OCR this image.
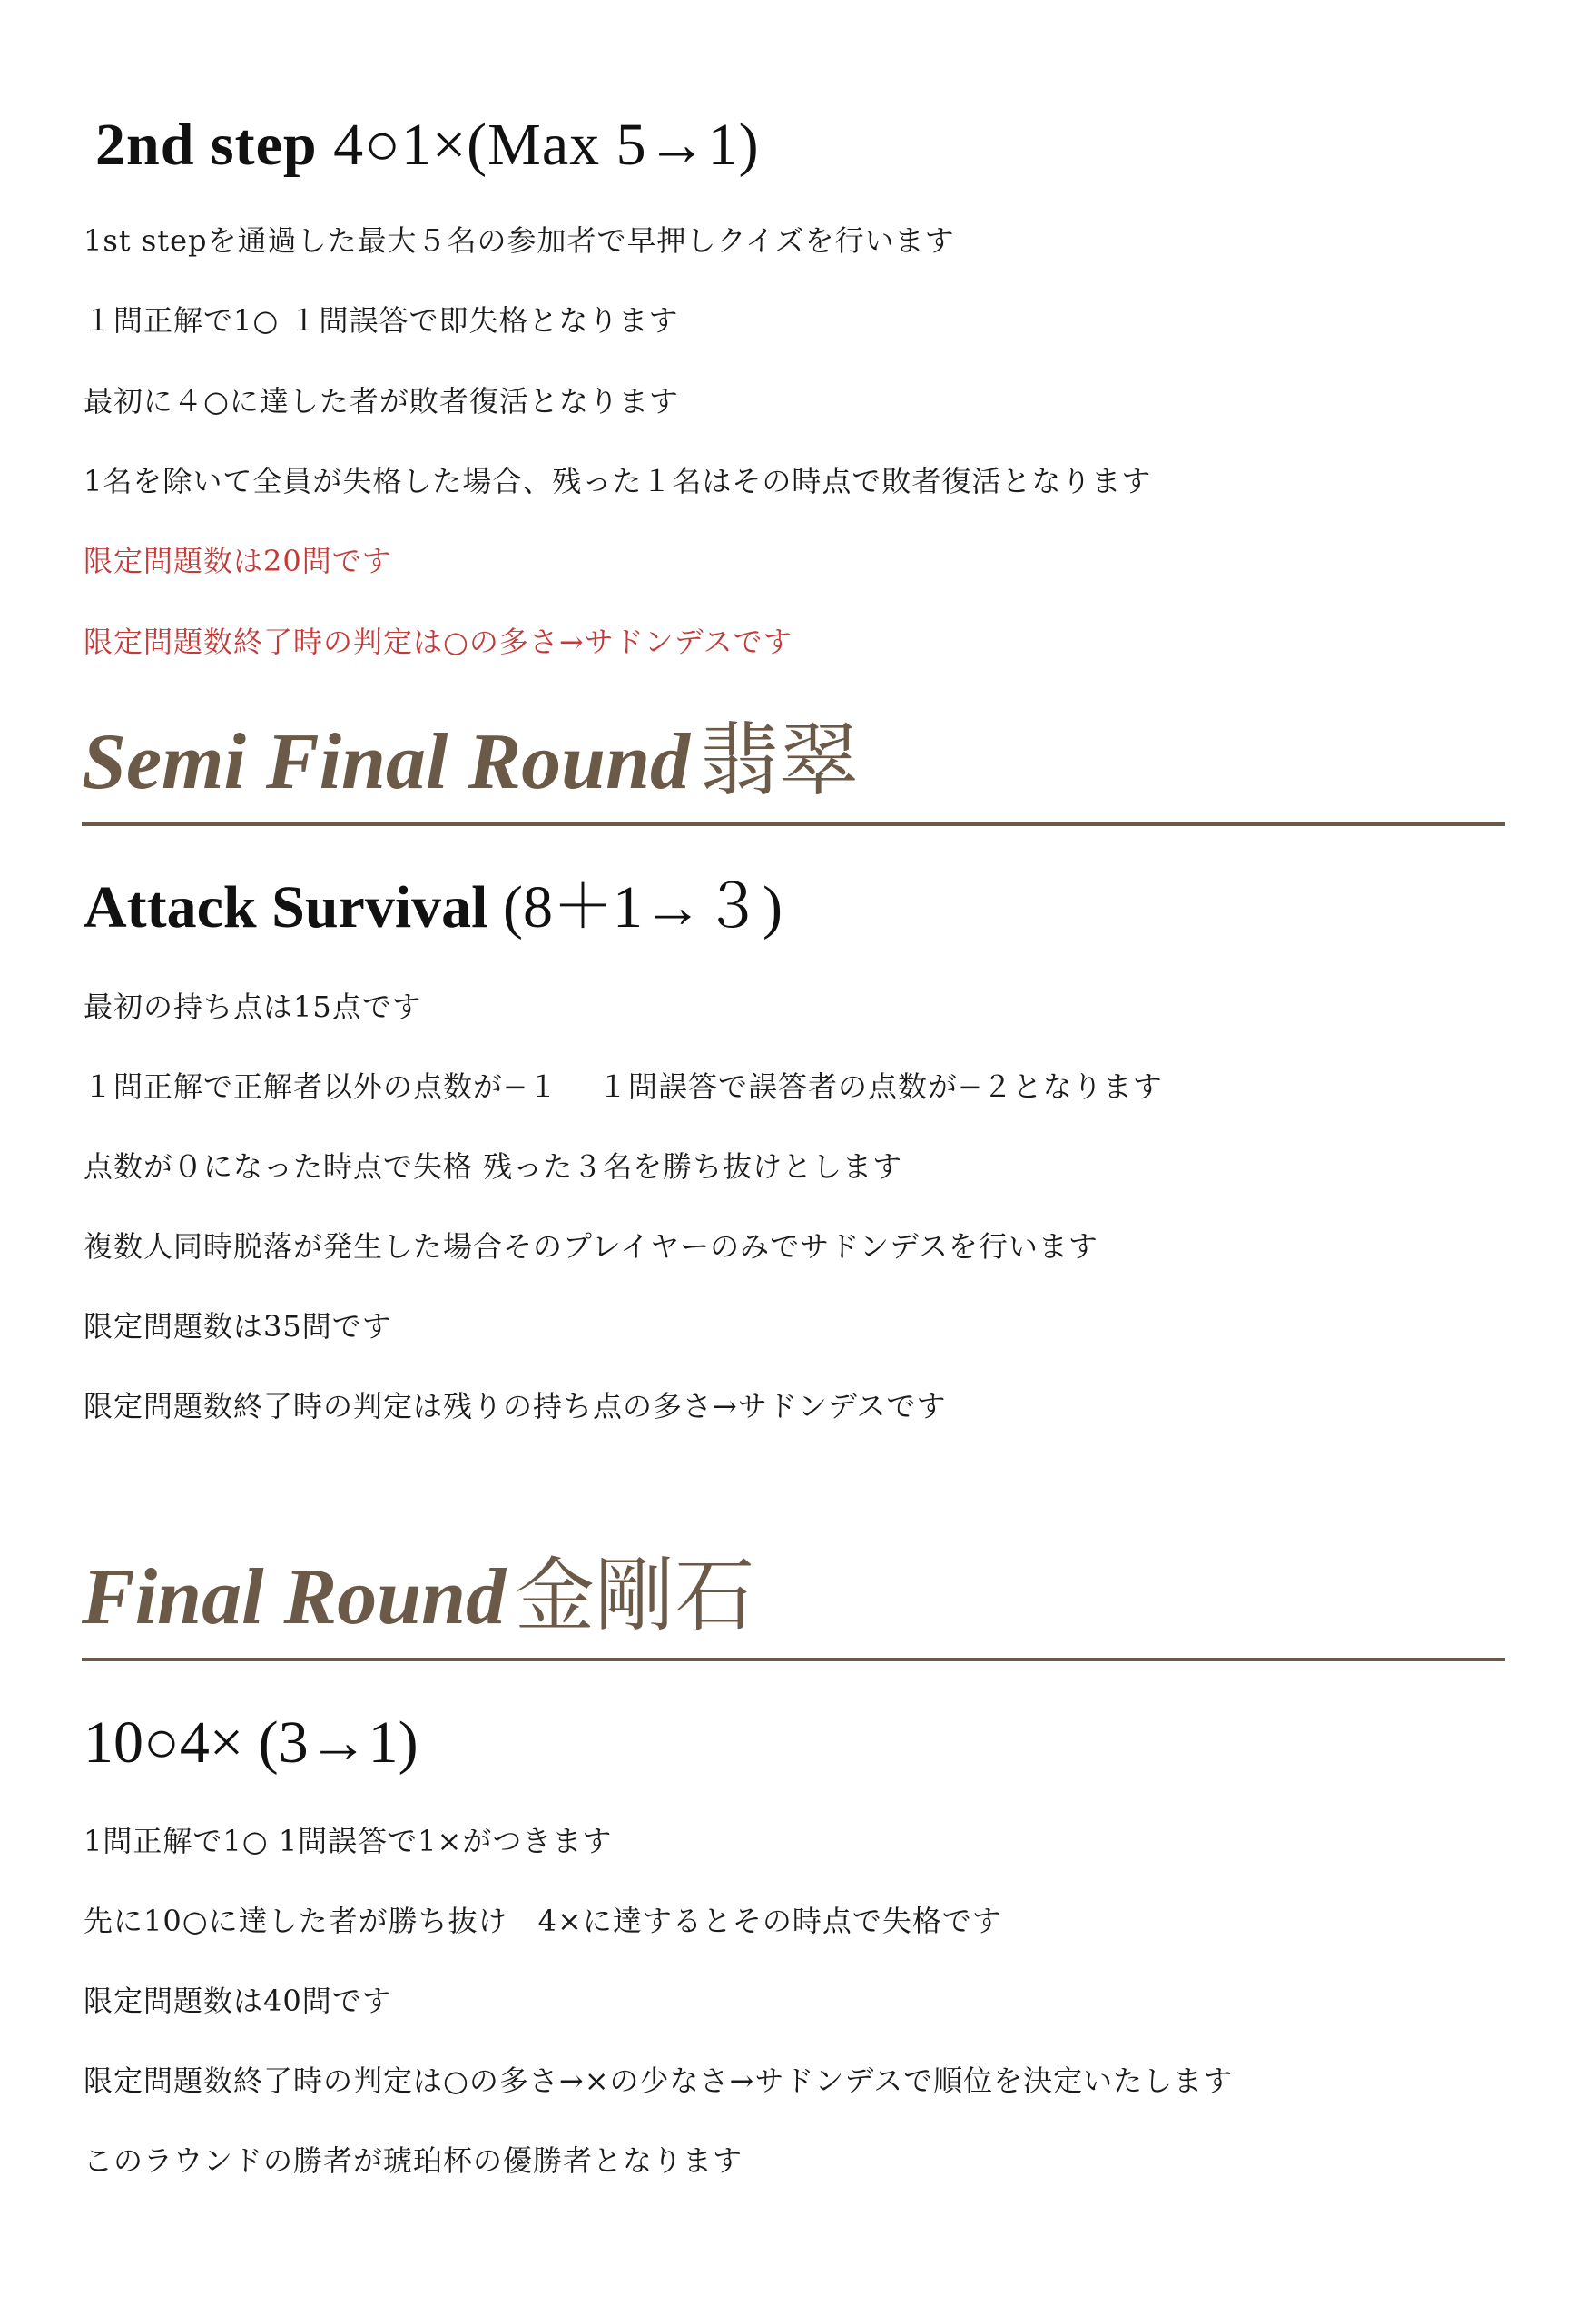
2nd step 4○1×(Max 5→1)
1st stepを通過した最大５名の参加者で早押しクイズを行います
１問正解で1○ １問誤答で即失格となります
最初に４○に達した者が敗者復活となります
1名を除いて全員が失格した場合、残った１名はその時点で敗者復活となります
限定問題数は20問です
限定問題数終了時の判定は○の多さ→サドンデスです
Semi Final Round 翡翠
Attack Survival (8＋1→３)
最初の持ち点は15点です
１問正解で正解者以外の点数が−１　 １問誤答で誤答者の点数が−２となります
点数が０になった時点で失格 残った３名を勝ち抜けとします
複数人同時脱落が発生した場合そのプレイヤーのみでサドンデスを行います
限定問題数は35問です
限定問題数終了時の判定は残りの持ち点の多さ→サドンデスです
Final Round 金剛石
10○4× (3→1)
1問正解で1○ 1問誤答で1×がつきます
先に10○に達した者が勝ち抜け　4×に達するとその時点で失格です
限定問題数は40問です
限定問題数終了時の判定は○の多さ→×の少なさ→サドンデスで順位を決定いたします
このラウンドの勝者が琥珀杯の優勝者となります
